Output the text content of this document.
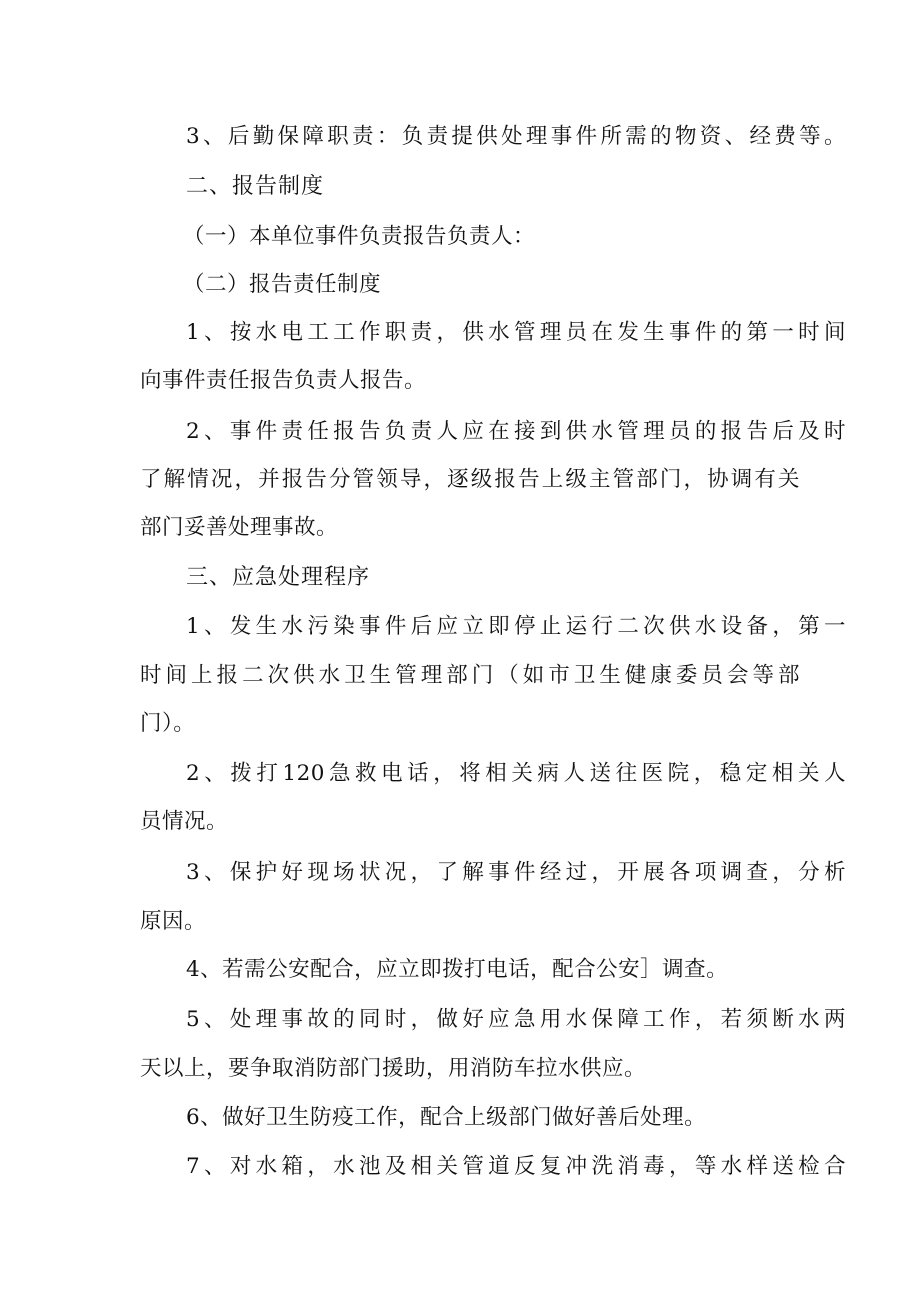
3、后勤保障职责：负责提供处理事件所需的物资、经费等。
二、报告制度
（一）本单位事件负责报告负责人：
（二）报告责任制度
1、按水电工工作职责，供水管理员在发生事件的第一时间
向事件责任报告负责人报告。
2、事件责任报告负责人应在接到供水管理员的报告后及时
了解情况，并报告分管领导，逐级报告上级主管部门，协调有关
部门妥善处理事故。
三、应急处理程序
1、发生水污染事件后应立即停止运行二次供水设备，第一
时间上报二次供水卫生管理部门（如市卫生健康委员会等部
门）。
2、拨打120急救电话，将相关病人送往医院，稳定相关人
员情况。
3、保护好现场状况，了解事件经过，开展各项调查，分析
原因。
4、若需公安配合，应立即拨打电话，配合公安］调查。
5、处理事故的同时，做好应急用水保障工作，若须断水两
天以上，要争取消防部门援助，用消防车拉水供应。
6、做好卫生防疫工作，配合上级部门做好善后处理。
7、对水箱，水池及相关管道反复冲洗消毒，等水样送检合
